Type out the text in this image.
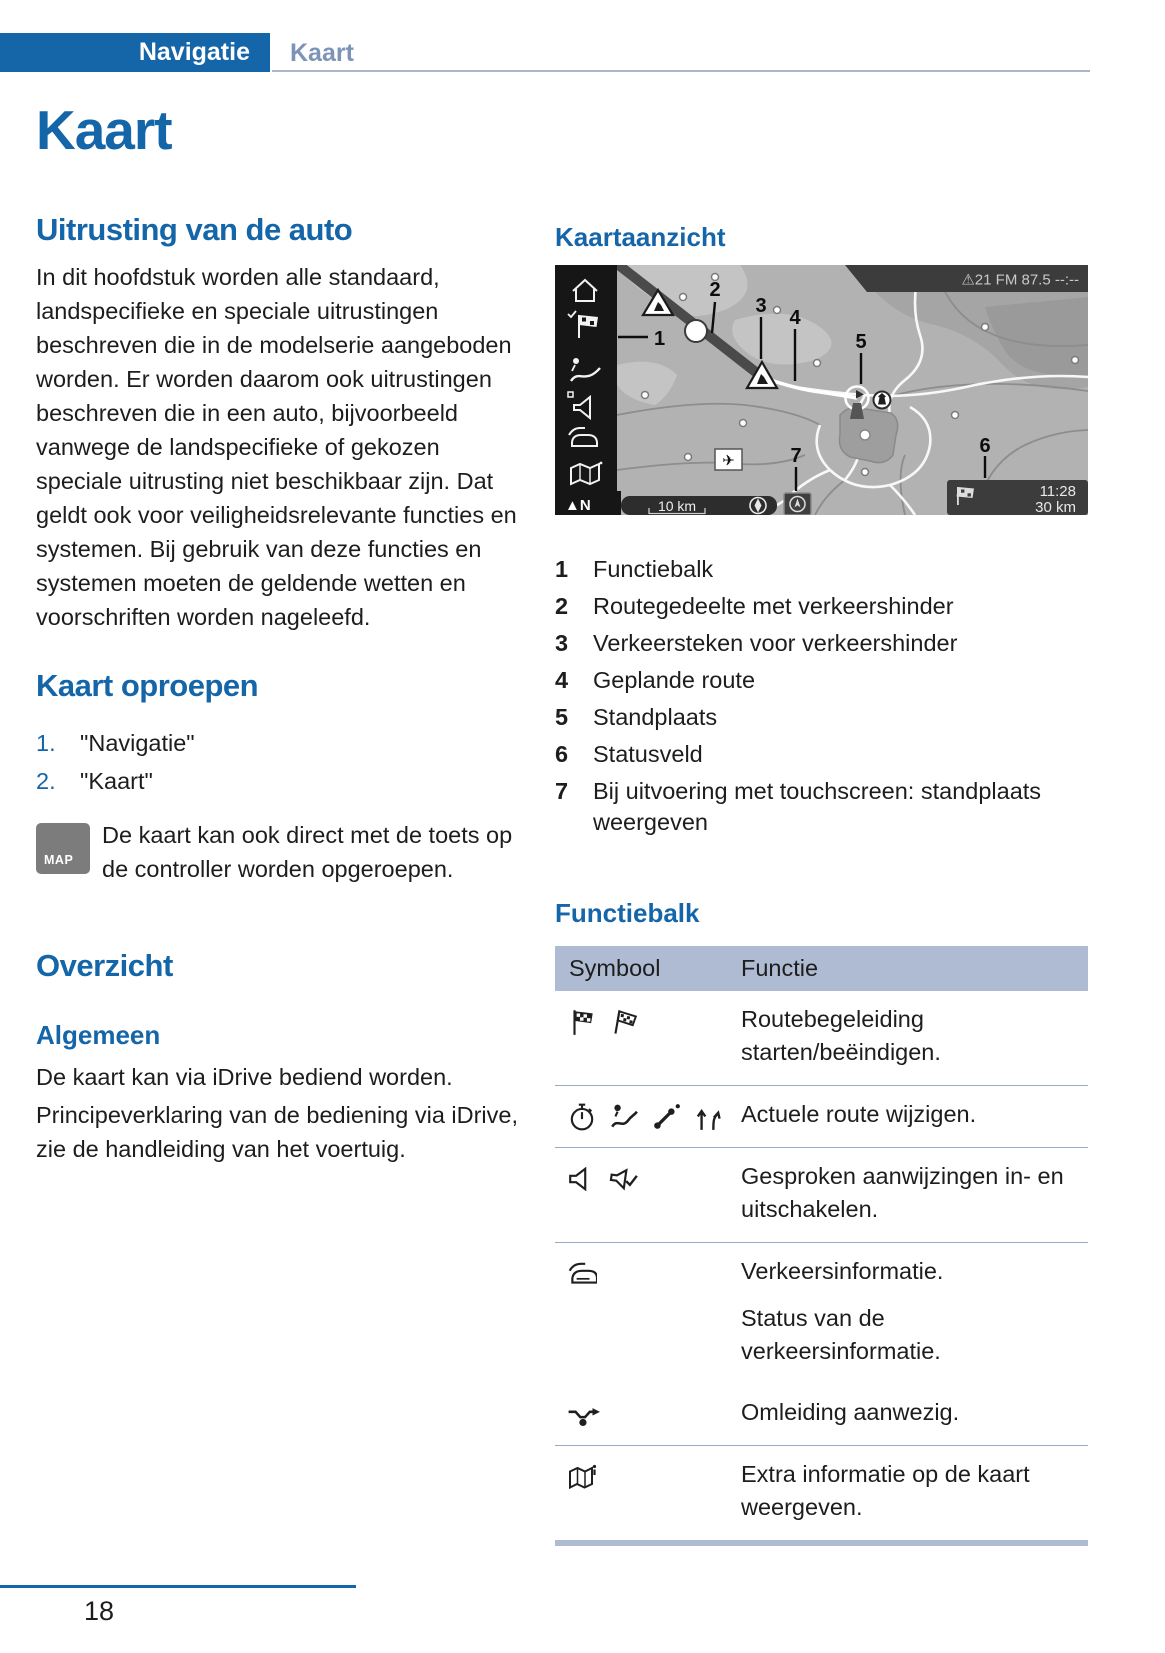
Navigatie	Kaart
Kaart
Uitrusting van de auto
In dit hoofdstuk worden alle standaard, landspecifieke en speciale uitrustingen beschreven die in de modelserie aangeboden worden. Er worden daarom ook uitrustingen beschreven die in een auto, bijvoorbeeld vanwege de landspecifieke of gekozen speciale uitrusting niet beschikbaar zijn. Dat geldt ook voor veiligheidsrelevante functies en systemen. Bij gebruik van deze functies en systemen moeten de geldende wetten en voorschriften worden nageleefd.
Kaart oproepen
1.	"Navigatie"
2.	"Kaart"
MAP
De kaart kan ook direct met de toets op de controller worden opgeroepen.
Overzicht
Algemeen
De kaart kan via iDrive bediend worden.
Principeverklaring van de bediening via iDrive, zie de handleiding van het voertuig.
Kaartaanzicht
✈
⚠21 FM 87.5 --:--
▲N	10 km
11:28
30 km
1
2
3
4
5
6
7
1	Functiebalk
2	Routegedeelte met verkeershinder
3	Verkeersteken voor verkeershinder
4	Geplande route
5	Standplaats
6	Statusveld
7	Bij uitvoering met touchscreen: standplaats weergeven
Functiebalk
Symbool	Functie

Routebegeleiding starten/beëindigen.

Actuele route wijzigen.

Gesproken aanwijzingen in- en uitschakelen.

Verkeersinformatie.

Status van de verkeersinformatie.

Omleiding aanwezig.

Extra informatie op de kaart weergeven.

18
